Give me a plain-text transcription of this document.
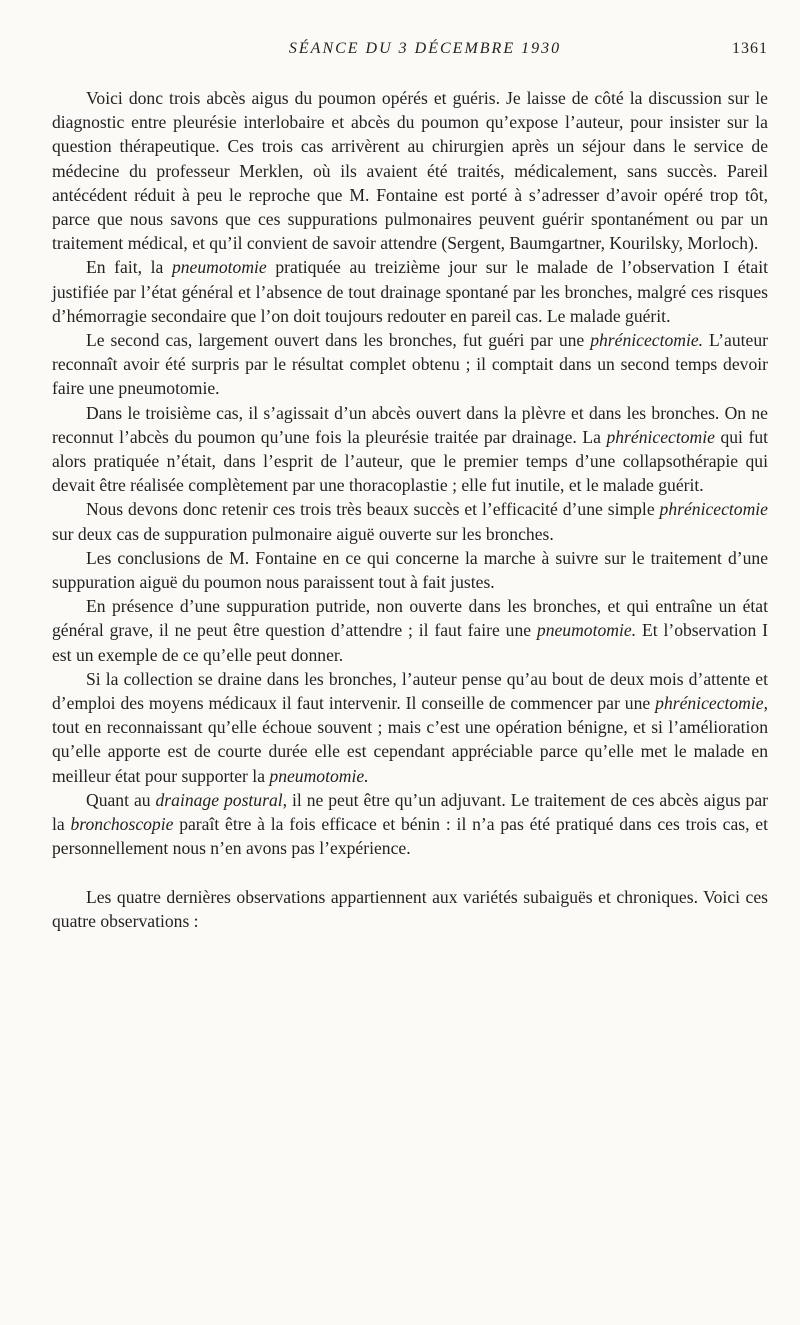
SÉANCE DU 3 DÉCEMBRE 1930	1361

Voici donc trois abcès aigus du poumon opérés et guéris. Je laisse de côté la discussion sur le diagnostic entre pleurésie interlobaire et abcès du poumon qu’expose l’auteur, pour insister sur la question thérapeutique. Ces trois cas arrivèrent au chirurgien après un séjour dans le service de médecine du professeur Merklen, où ils avaient été traités, médicalement, sans succès. Pareil antécédent réduit à peu le reproche que M. Fontaine est porté à s’adresser d’avoir opéré trop tôt, parce que nous savons que ces suppurations pulmonaires peuvent guérir spontanément ou par un traitement médical, et qu’il convient de savoir attendre (Sergent, Baumgartner, Kourilsky, Morloch).

En fait, la pneumotomie pratiquée au treizième jour sur le malade de l’observation I était justifiée par l’état général et l’absence de tout drainage spontané par les bronches, malgré ces risques d’hémorragie secondaire que l’on doit toujours redouter en pareil cas. Le malade guérit.

Le second cas, largement ouvert dans les bronches, fut guéri par une phrénicectomie. L’auteur reconnaît avoir été surpris par le résultat complet obtenu ; il comptait dans un second temps devoir faire une pneumotomie.

Dans le troisième cas, il s’agissait d’un abcès ouvert dans la plèvre et dans les bronches. On ne reconnut l’abcès du poumon qu’une fois la pleurésie traitée par drainage. La phrénicectomie qui fut alors pratiquée n’était, dans l’esprit de l’auteur, que le premier temps d’une collapsothérapie qui devait être réalisée complètement par une thoracoplastie ; elle fut inutile, et le malade guérit.

Nous devons donc retenir ces trois très beaux succès et l’efficacité d’une simple phrénicectomie sur deux cas de suppuration pulmonaire aiguë ouverte sur les bronches.

Les conclusions de M. Fontaine en ce qui concerne la marche à suivre sur le traitement d’une suppuration aiguë du poumon nous paraissent tout à fait justes.

En présence d’une suppuration putride, non ouverte dans les bronches, et qui entraîne un état général grave, il ne peut être question d’attendre ; il faut faire une pneumotomie. Et l’observation I est un exemple de ce qu’elle peut donner.

Si la collection se draine dans les bronches, l’auteur pense qu’au bout de deux mois d’attente et d’emploi des moyens médicaux il faut intervenir. Il conseille de commencer par une phrénicectomie, tout en reconnaissant qu’elle échoue souvent ; mais c’est une opération bénigne, et si l’amélioration qu’elle apporte est de courte durée elle est cependant appréciable parce qu’elle met le malade en meilleur état pour supporter la pneumotomie.

Quant au drainage postural, il ne peut être qu’un adjuvant. Le traitement de ces abcès aigus par la bronchoscopie paraît être à la fois efficace et bénin : il n’a pas été pratiqué dans ces trois cas, et personnellement nous n’en avons pas l’expérience.

Les quatre dernières observations appartiennent aux variétés subaiguës et chroniques. Voici ces quatre observations :
